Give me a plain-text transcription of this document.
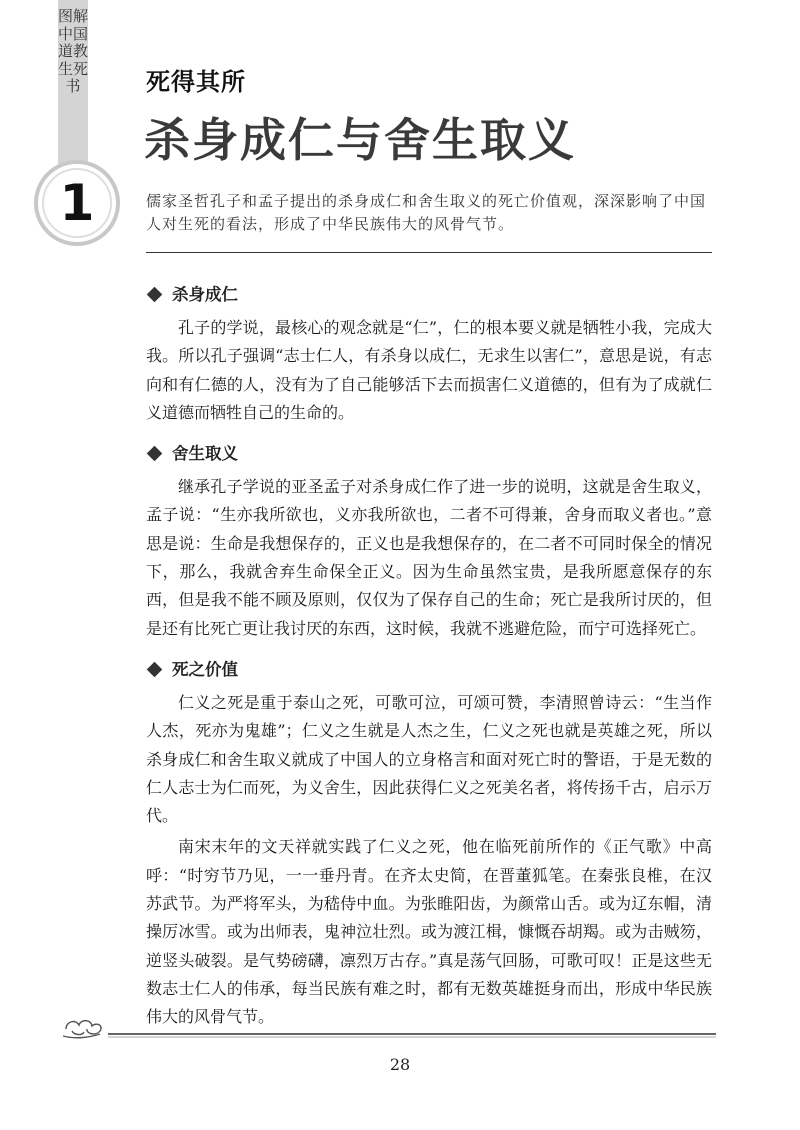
图解中国道教生死书
1
死得其所
杀身成仁与舍生取义
儒家圣哲孔子和孟子提出的杀身成仁和舍生取义的死亡价值观，深深影响了中国人对生死的看法，形成了中华民族伟大的风骨气节。
杀身成仁

孔子的学说，最核心的观念就是“仁”，仁的根本要义就是牺牲小我，完成大我。所以孔子强调“志士仁人，有杀身以成仁，无求生以害仁”，意思是说，有志向和有仁德的人，没有为了自己能够活下去而损害仁义道德的，但有为了成就仁义道德而牺牲自己的生命的。

舍生取义

继承孔子学说的亚圣孟子对杀身成仁作了进一步的说明，这就是舍生取义，孟子说：“生亦我所欲也，义亦我所欲也，二者不可得兼，舍身而取义者也。”意思是说：生命是我想保存的，正义也是我想保存的，在二者不可同时保全的情况下，那么，我就舍弃生命保全正义。因为生命虽然宝贵，是我所愿意保存的东西，但是我不能不顾及原则，仅仅为了保存自己的生命；死亡是我所讨厌的，但是还有比死亡更让我讨厌的东西，这时候，我就不逃避危险，而宁可选择死亡。

死之价值

仁义之死是重于泰山之死，可歌可泣，可颂可赞，李清照曾诗云：“生当作人杰，死亦为鬼雄”；仁义之生就是人杰之生，仁义之死也就是英雄之死，所以杀身成仁和舍生取义就成了中国人的立身格言和面对死亡时的警语，于是无数的仁人志士为仁而死，为义舍生，因此获得仁义之死美名者，将传扬千古，启示万代。

南宋末年的文天祥就实践了仁义之死，他在临死前所作的《正气歌》中高呼：“时穷节乃见，一一垂丹青。在齐太史简，在晋董狐笔。在秦张良椎，在汉苏武节。为严将军头，为嵇侍中血。为张睢阳齿，为颜常山舌。或为辽东帽，清操厉冰雪。或为出师表，鬼神泣壮烈。或为渡江楫，慷慨吞胡羯。或为击贼笏，逆竖头破裂。是气势磅礴，凛烈万古存。”真是荡气回肠，可歌可叹！正是这些无数志士仁人的伟承，每当民族有难之时，都有无数英雄挺身而出，形成中华民族伟大的风骨气节。

28
